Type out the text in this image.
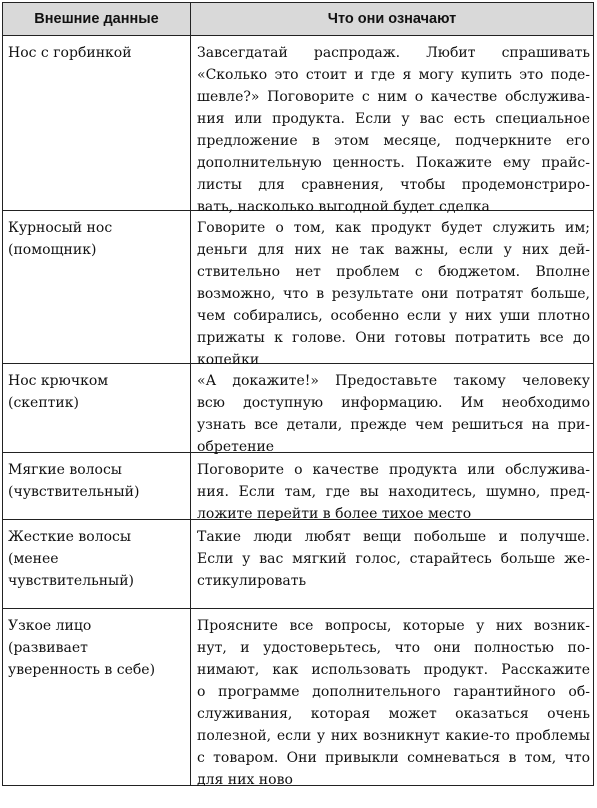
Внешние данные	Что они означают
Нос с горбинкой	Завсегдатай распродаж. Любит спрашивать
«Сколько это стоит и где я могу купить это поде-
шевле?» Поговорите с ним о качестве обслужива-
ния или продукта. Если у вас есть специальное
предложение в этом месяце, подчеркните его
дополнительную ценность. Покажите ему прайс-
листы для сравнения, чтобы продемонстриро-
вать, насколько выгодной будет сделка
Курносый нос
(помощник)
Говорите о том, как продукт будет служить им;
деньги для них не так важны, если у них дей-
ствительно нет проблем с бюджетом. Вполне
возможно, что в результате они потратят больше,
чем собирались, особенно если у них уши плотно
прижаты к голове. Они готовы потратить все до
копейки
Нос крючком
(скептик)
«А докажите!» Предоставьте такому человеку
всю доступную информацию. Им необходимо
узнать все детали, прежде чем решиться на при-
обретение
Мягкие волосы
(чувствительный)
Поговорите о качестве продукта или обслужива-
ния. Если там, где вы находитесь, шумно, пред-
ложите перейти в более тихое место
Жесткие волосы
(менее
чувствительный)
Такие люди любят вещи побольше и получше.
Если у вас мягкий голос, старайтесь больше же-
стикулировать
Узкое лицо
(развивает
уверенность в себе)
Проясните все вопросы, которые у них возник-
нут, и удостоверьтесь, что они полностью по-
нимают, как использовать продукт. Расскажите
о программе дополнительного гарантийного об-
служивания, которая может оказаться очень
полезной, если у них возникнут какие-то проблемы
с товаром. Они привыкли сомневаться в том, что
для них ново
